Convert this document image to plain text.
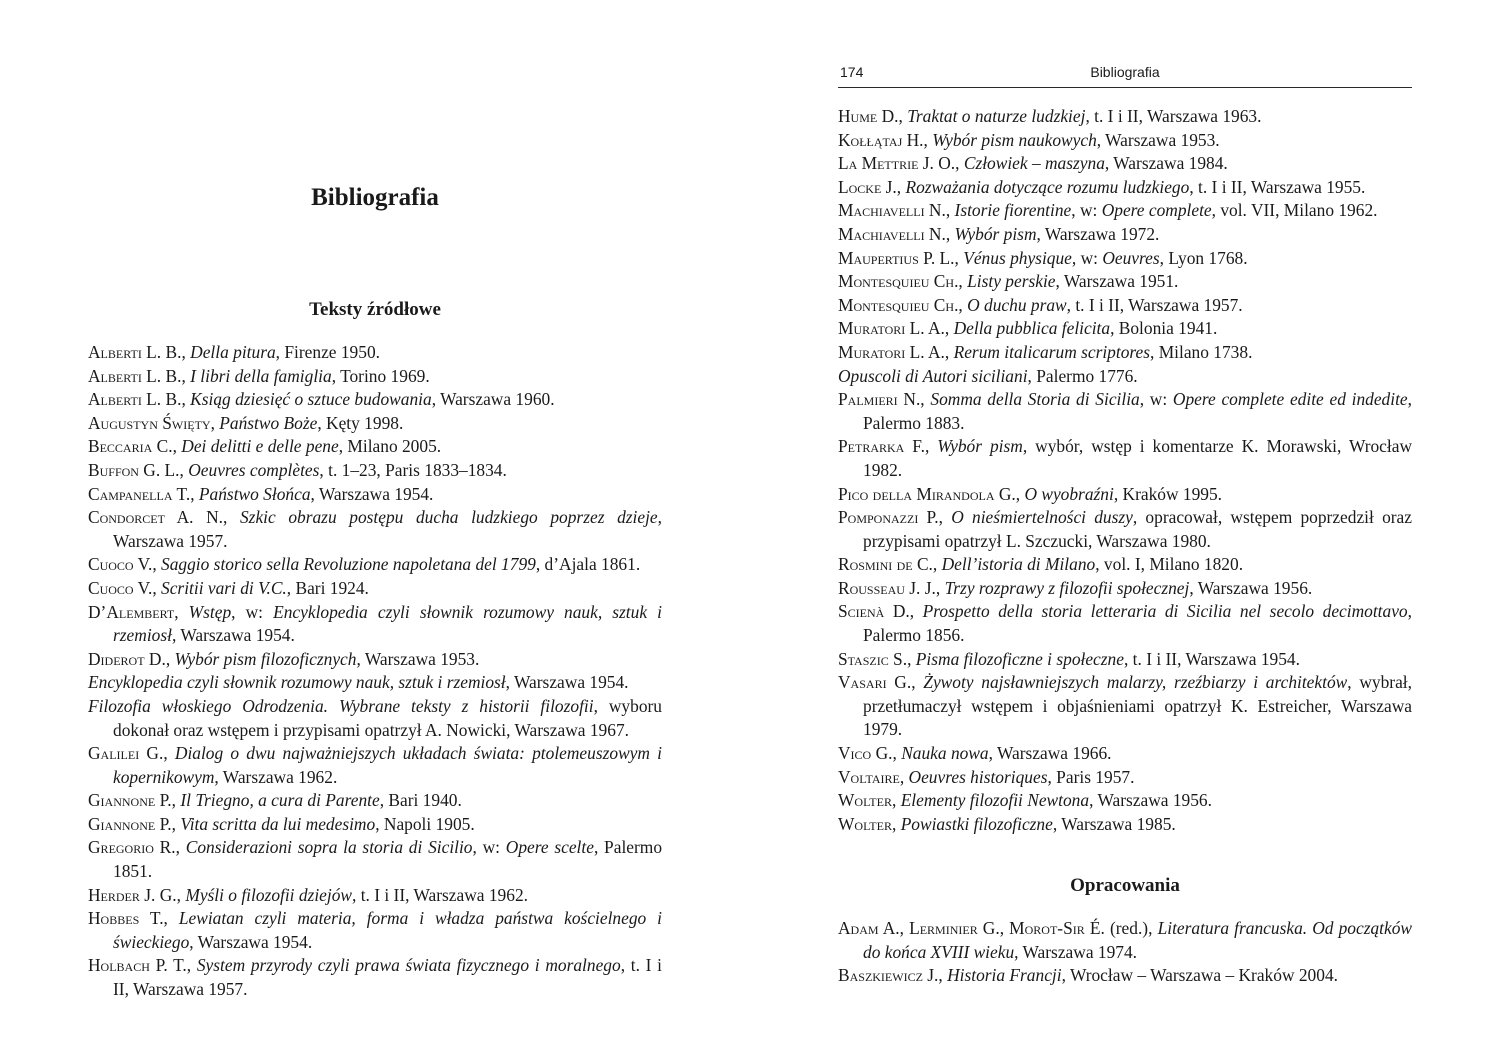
Bibliografia
Teksty źródłowe
Alberti L. B., Della pitura, Firenze 1950.
Alberti L. B., I libri della famiglia, Torino 1969.
Alberti L. B., Ksiąg dziesięć o sztuce budowania, Warszawa 1960.
Augustyn Święty, Państwo Boże, Kęty 1998.
Beccaria C., Dei delitti e delle pene, Milano 2005.
Buffon G. L., Oeuvres complètes, t. 1–23, Paris 1833–1834.
Campanella T., Państwo Słońca, Warszawa 1954.
Condorcet A. N., Szkic obrazu postępu ducha ludzkiego poprzez dzieje, Warszawa 1957.
Cuoco V., Saggio storico sella Revoluzione napoletana del 1799, d’Ajala 1861.
Cuoco V., Scritii vari di V.C., Bari 1924.
D’Alembert, Wstęp, w: Encyklopedia czyli słownik rozumowy nauk, sztuk i rzemiosł, Warszawa 1954.
Diderot D., Wybór pism filozoficznych, Warszawa 1953.
Encyklopedia czyli słownik rozumowy nauk, sztuk i rzemiosł, Warszawa 1954.
Filozofia włoskiego Odrodzenia. Wybrane teksty z historii filozofii, wyboru dokonał oraz wstępem i przypisami opatrzył A. Nowicki, Warszawa 1967.
Galilei G., Dialog o dwu najważniejszych układach świata: ptolemeuszowym i kopernikowym, Warszawa 1962.
Giannone P., Il Triegno, a cura di Parente, Bari 1940.
Giannone P., Vita scritta da lui medesimo, Napoli 1905.
Gregorio R., Considerazioni sopra la storia di Sicilio, w: Opere scelte, Palermo 1851.
Herder J. G., Myśli o filozofii dziejów, t. I i II, Warszawa 1962.
Hobbes T., Lewiatan czyli materia, forma i władza państwa kościelnego i świeckiego, Warszawa 1954.
Holbach P. T., System przyrody czyli prawa świata fizycznego i moralnego, t. I i II, Warszawa 1957.
174	Bibliografia
Hume D., Traktat o naturze ludzkiej, t. I i II, Warszawa 1963.
Kołłątaj H., Wybór pism naukowych, Warszawa 1953.
La Mettrie J. O., Człowiek – maszyna, Warszawa 1984.
Locke J., Rozważania dotyczące rozumu ludzkiego, t. I i II, Warszawa 1955.
Machiavelli N., Istorie fiorentine, w: Opere complete, vol. VII, Milano 1962.
Machiavelli N., Wybór pism, Warszawa 1972.
Maupertius P. L., Vénus physique, w: Oeuvres, Lyon 1768.
Montesquieu Ch., Listy perskie, Warszawa 1951.
Montesquieu Ch., O duchu praw, t. I i II, Warszawa 1957.
Muratori L. A., Della pubblica felicita, Bolonia 1941.
Muratori L. A., Rerum italicarum scriptores, Milano 1738.
Opuscoli di Autori siciliani, Palermo 1776.
Palmieri N., Somma della Storia di Sicilia, w: Opere complete edite ed indedite, Palermo 1883.
Petrarka F., Wybór pism, wybór, wstęp i komentarze K. Morawski, Wrocław 1982.
Pico della Mirandola G., O wyobraźni, Kraków 1995.
Pomponazzi P., O nieśmiertelności duszy, opracował, wstępem poprzedził oraz przypisami opatrzył L. Szczucki, Warszawa 1980.
Rosmini de C., Dell’istoria di Milano, vol. I, Milano 1820.
Rousseau J. J., Trzy rozprawy z filozofii społecznej, Warszawa 1956.
Scienà D., Prospetto della storia letteraria di Sicilia nel secolo decimottavo, Palermo 1856.
Staszic S., Pisma filozoficzne i społeczne, t. I i II, Warszawa 1954.
Vasari G., Żywoty najsławniejszych malarzy, rzeźbiarzy i architektów, wybrał, przetłumaczył wstępem i objaśnieniami opatrzył K. Estreicher, Warszawa 1979.
Vico G., Nauka nowa, Warszawa 1966.
Voltaire, Oeuvres historiques, Paris 1957.
Wolter, Elementy filozofii Newtona, Warszawa 1956.
Wolter, Powiastki filozoficzne, Warszawa 1985.
Opracowania
Adam A., Lerminier G., Morot-Sir É. (red.), Literatura francuska. Od początków do końca XVIII wieku, Warszawa 1974.
Baszkiewicz J., Historia Francji, Wrocław – Warszawa – Kraków 2004.
